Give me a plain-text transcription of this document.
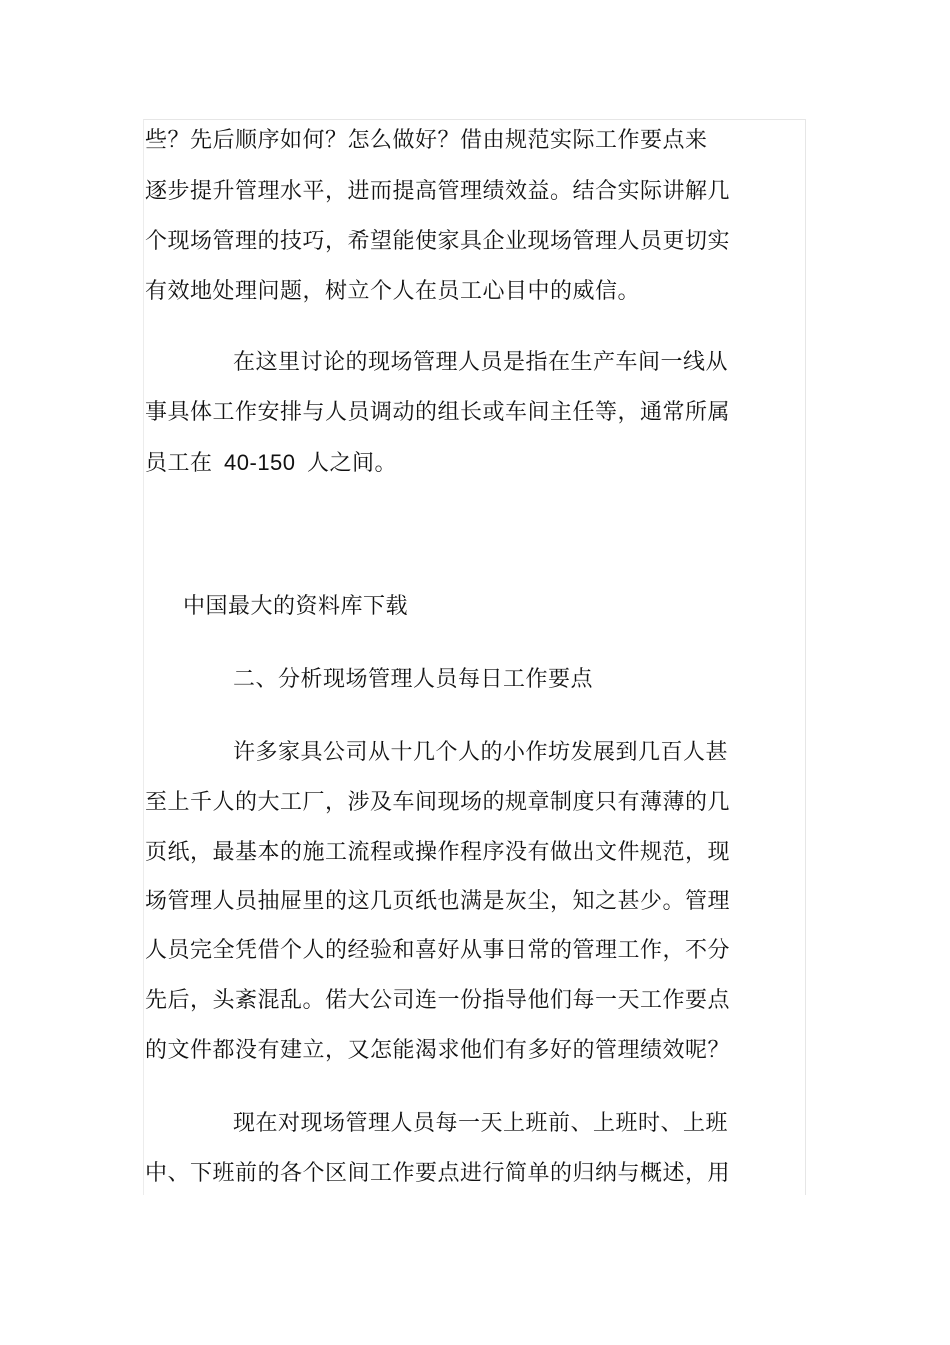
些？先后顺序如何？怎么做好？借由规范实际工作要点来
逐步提升管理水平，进而提高管理绩效益。结合实际讲解几
个现场管理的技巧，希望能使家具企业现场管理人员更切实
有效地处理问题，树立个人在员工心目中的威信。
在这里讨论的现场管理人员是指在生产车间一线从
事具体工作安排与人员调动的组长或车间主任等，通常所属
员工在 40-150 人之间。
中国最大的资料库下载
二、分析现场管理人员每日工作要点
许多家具公司从十几个人的小作坊发展到几百人甚
至上千人的大工厂，涉及车间现场的规章制度只有薄薄的几
页纸，最基本的施工流程或操作程序没有做出文件规范，现
场管理人员抽屉里的这几页纸也满是灰尘，知之甚少。管理
人员完全凭借个人的经验和喜好从事日常的管理工作，不分
先后，头紊混乱。偌大公司连一份指导他们每一天工作要点
的文件都没有建立，又怎能渴求他们有多好的管理绩效呢？
现在对现场管理人员每一天上班前、上班时、上班
中、下班前的各个区间工作要点进行简单的归纳与概述，用
